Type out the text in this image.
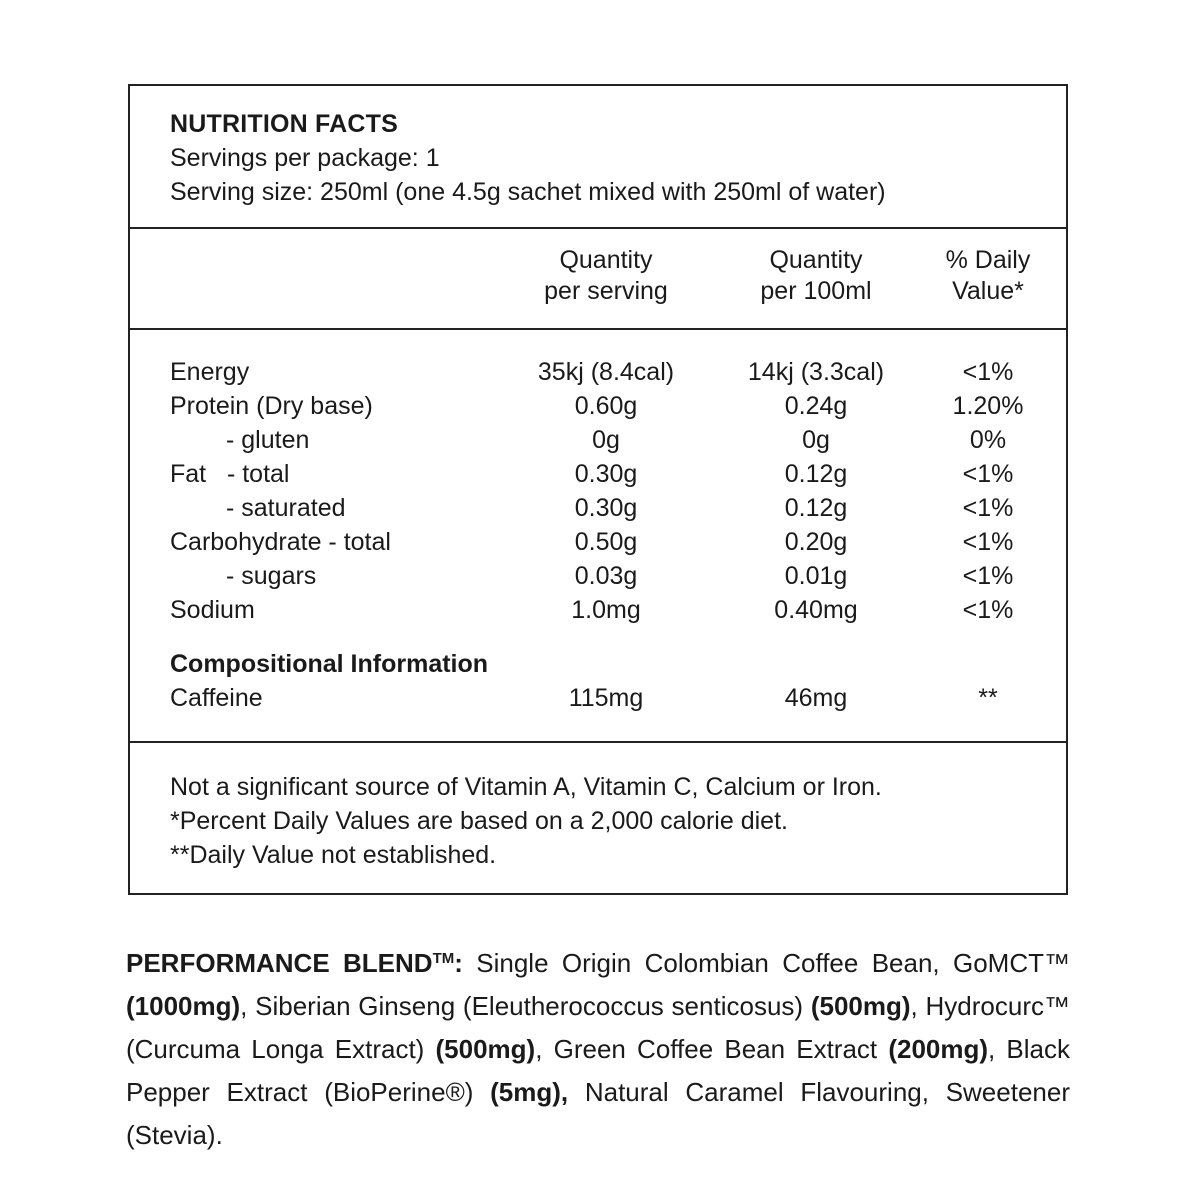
NUTRITION FACTS
Servings per package: 1
Serving size: 250ml (one 4.5g sachet mixed with 250ml of water)
Quantity
per serving
Quantity
per 100ml
% Daily
Value*
Compositional Information
Caffeine	115mg	46mg	**
Energy	35kj (8.4cal)	14kj (3.3cal)	<1%
Protein (Dry base)	0.60g	0.24g	1.20%
- gluten	0g	0g	0%
Fat   - total	0.30g	0.12g	<1%
- saturated	0.30g	0.12g	<1%
Carbohydrate - total	0.50g	0.20g	<1%
- sugars	0.03g	0.01g	<1%
Sodium	1.0mg	0.40mg	<1%
Not a significant source of Vitamin A, Vitamin C, Calcium or Iron.
*Percent Daily Values are based on a 2,000 calorie diet.
**Daily Value not established.
PERFORMANCE BLEND™: Single Origin Colombian Coffee Bean, GoMCT™ (1000mg), Siberian Ginseng (Eleutherococcus senticosus) (500mg), Hydrocurc™ (Curcuma Longa Extract) (500mg), Green Coffee Bean Extract (200mg), Black Pepper Extract (BioPerine®) (5mg), Natural Caramel Flavouring, Sweetener (Stevia).
